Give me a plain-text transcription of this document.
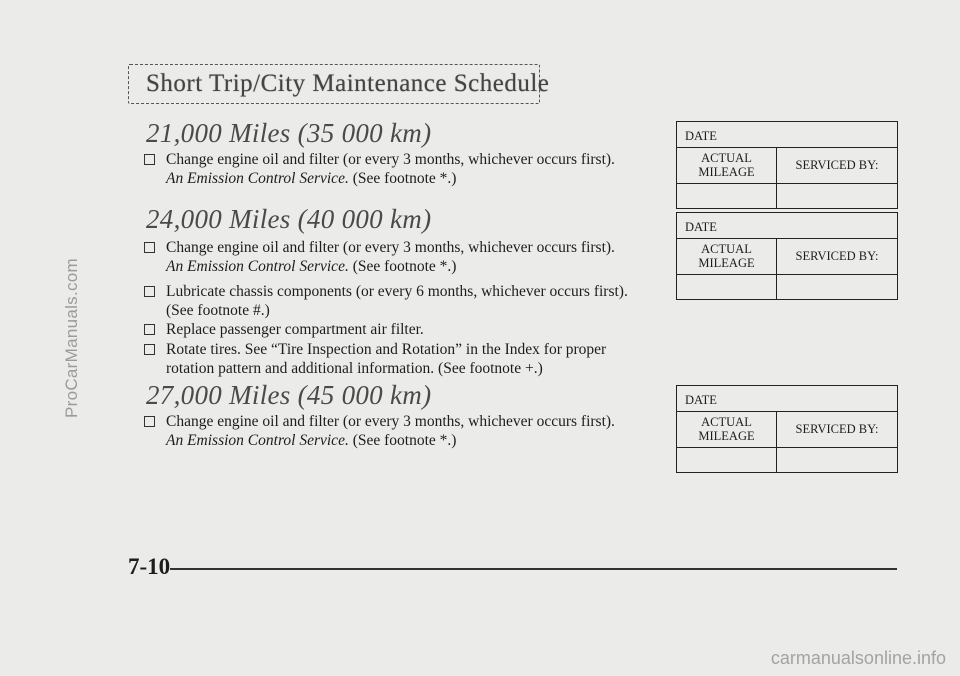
ProCarManuals.com
carmanualsonline.info
Short Trip/City Maintenance Schedule
21,000 Miles (35 000 km)
Change engine oil and filter (or every 3 months, whichever occurs first).
An Emission Control Service. (See footnote *.)
24,000 Miles (40 000 km)
Change engine oil and filter (or every 3 months, whichever occurs first).
An Emission Control Service. (See footnote *.)
Lubricate chassis components (or every 6 months, whichever occurs first).
(See footnote #.)
Replace passenger compartment air filter.
Rotate tires. See “Tire Inspection and Rotation” in the Index for proper
rotation pattern and additional information. (See footnote +.)
27,000 Miles (45 000 km)
Change engine oil and filter (or every 3 months, whichever occurs first).
An Emission Control Service. (See footnote *.)
DATE
ACTUAL
MILEAGE	SERVICED BY:
DATE
ACTUAL
MILEAGE	SERVICED BY:
DATE
ACTUAL
MILEAGE	SERVICED BY:
7-10
